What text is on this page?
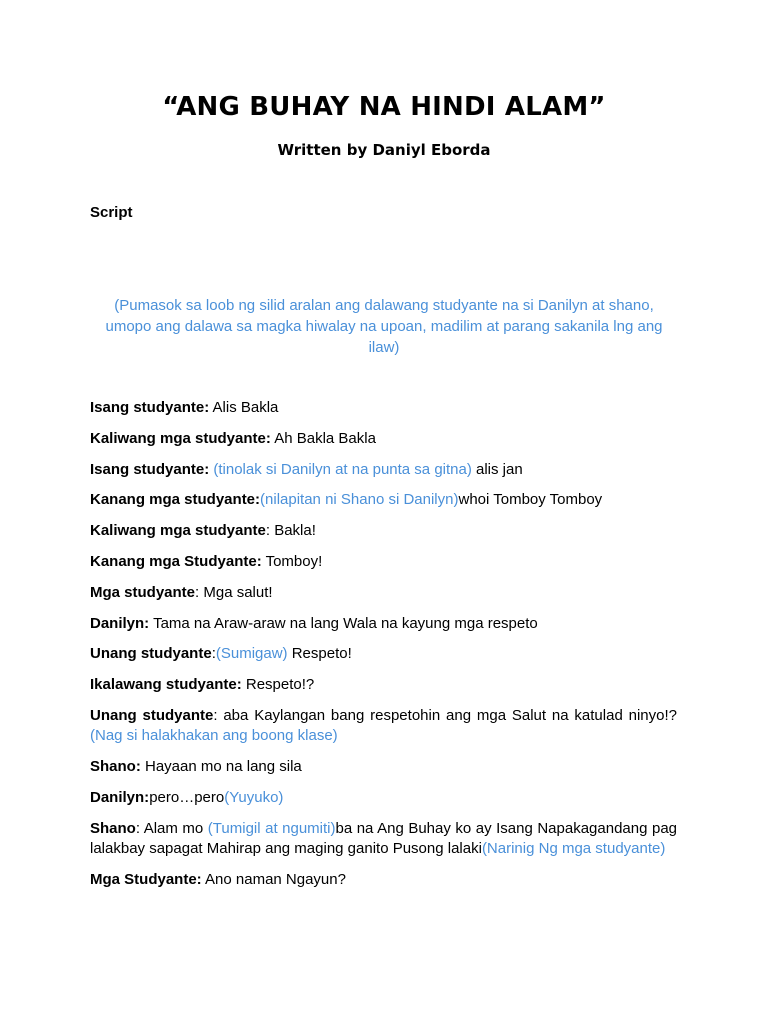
“ANG BUHAY NA HINDI ALAM”
Written by Daniyl Eborda
Script
(Pumasok sa loob ng silid aralan ang dalawang studyante na si Danilyn at shano, umopo ang dalawa sa magka hiwalay na upoan, madilim at parang sakanila lng ang ilaw)
Isang studyante: Alis Bakla
Kaliwang mga studyante: Ah Bakla Bakla
Isang studyante: (tinolak si Danilyn at na punta sa gitna) alis jan
Kanang mga studyante:(nilapitan ni Shano si Danilyn)whoi Tomboy Tomboy
Kaliwang mga studyante: Bakla!
Kanang mga Studyante: Tomboy!
Mga studyante: Mga salut!
Danilyn: Tama na Araw-araw na lang Wala na kayung mga respeto
Unang studyante:(Sumigaw) Respeto!
Ikalawang studyante: Respeto!?
Unang studyante: aba Kaylangan bang respetohin ang mga Salut na katulad ninyo!? (Nag si halakhakan ang boong klase)
Shano: Hayaan mo na lang sila
Danilyn:pero…pero(Yuyuko)
Shano: Alam mo (Tumigil at ngumiti)ba na Ang Buhay ko ay Isang Napakagandang pag lalakbay sapagat Mahirap ang maging ganito Pusong lalaki(Narinig Ng mga studyante)
Mga Studyante: Ano naman Ngayun?
